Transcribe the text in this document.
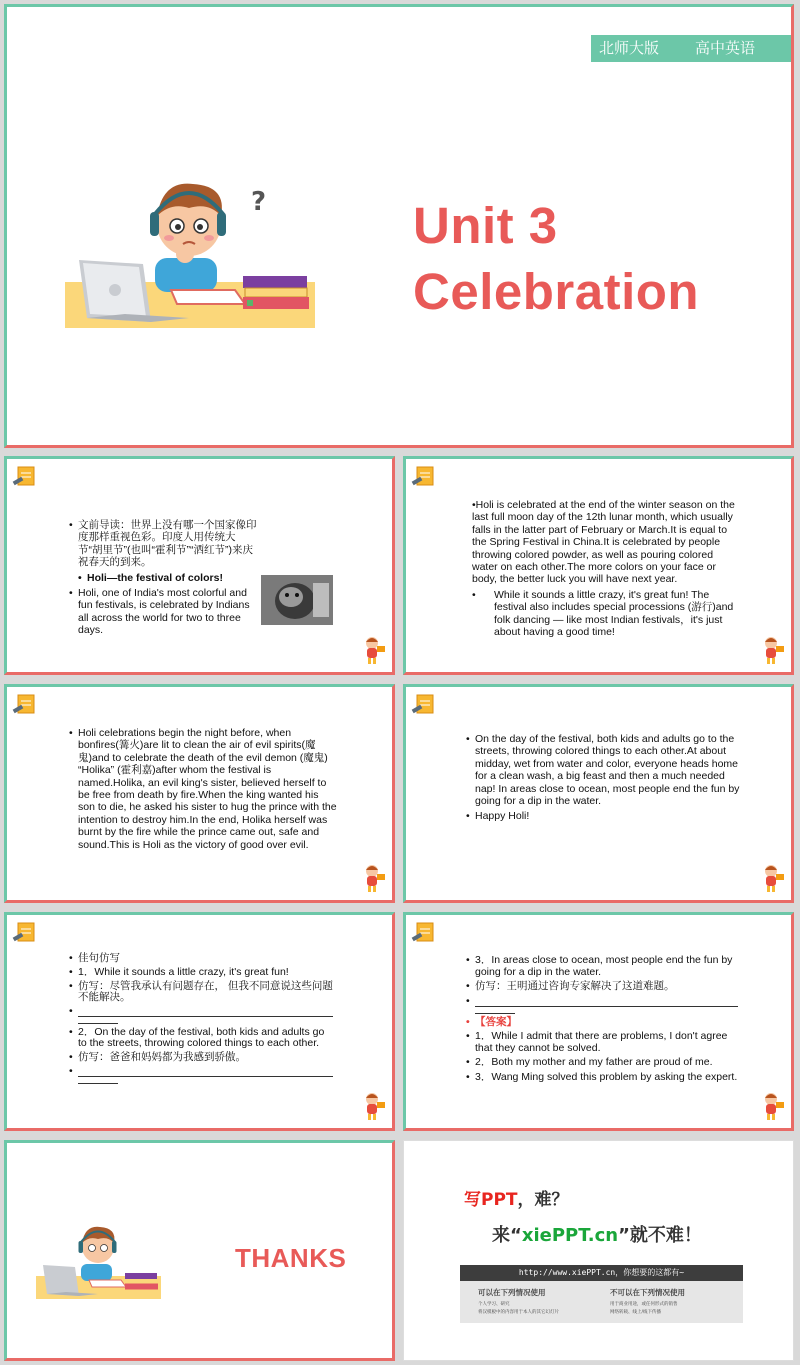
北师大版 高中英语
?	Unit 3
Celebration

• 文前导读：世界上没有哪一个国家像印度那样重视色彩。印度人用传统大节“胡里节”(也叫“霍利节”“洒红节”)来庆祝春天的到来。

• Holi—the festival of colors!

• Holi, one of India's most colorful and fun festivals, is celebrated by Indians all across the world for two to three days.

•Holi is celebrated at the end of the winter season on the last full moon day of the 12th lunar month, which usually falls in the latter part of February or March.It is equal to the Spring Festival in China.It is celebrated by people throwing colored powder, as well as pouring colored water on each other.The more colors on your face or body, the better luck you will have next year.

• While it sounds a little crazy, it's great fun! The festival also includes special processions (游行)and folk dancing — like most Indian festivals，it's just about having a good time!

• Holi celebrations begin the night before, when bonfires(篝火)are lit to clean the air of evil spirits(魔鬼)and to celebrate the death of the evil demon (魔鬼) “Holika” (霍利嘉)after whom the festival is named.Holika, an evil king's sister, believed herself to be free from death by fire.When the king wanted his son to die, he asked his sister to hug the prince with the intention to destroy him.In the end, Holika herself was burnt by the fire while the prince came out, safe and sound.This is Holi as the victory of good over evil.

• On the day of the festival, both kids and adults go to the streets, throwing colored things to each other.At about midday, wet from water and color, everyone heads home for a clean wash, a big feast and then a much needed nap! In areas close to ocean, most people end the fun by going for a dip in the water.

• Happy Holi!

• 佳句仿写

• 1．While it sounds a little crazy, it's great fun!

• 仿写：尽管我承认有问题存在， 但我不同意说这些问题不能解决。

•

• 2．On the day of the festival, both kids and adults go to the streets, throwing colored things to each other.

• 仿写：爸爸和妈妈都为我感到骄傲。

•

• 3．In areas close to ocean, most people end the fun by going for a dip in the water.

• 仿写：王明通过咨询专家解决了这道难题。

•

• 【答案】

• 1．While I admit that there are problems, I don't agree that they cannot be solved.

• 2．Both my mother and my father are proud of me.

• 3．Wang Ming solved this problem by asking the expert.

THANKS
写PPT，难？
来“xiePPT.cn”就不难！
http://www.xiePPT.cn，你想要的这都有~
可以在下列情况使用
个人学习、研究
将汉模板中的内容用于本人的其它幻灯片
不可以在下列情况使用
用于商业用途，或任何形式的销售
网络转载、线上/线下传播
